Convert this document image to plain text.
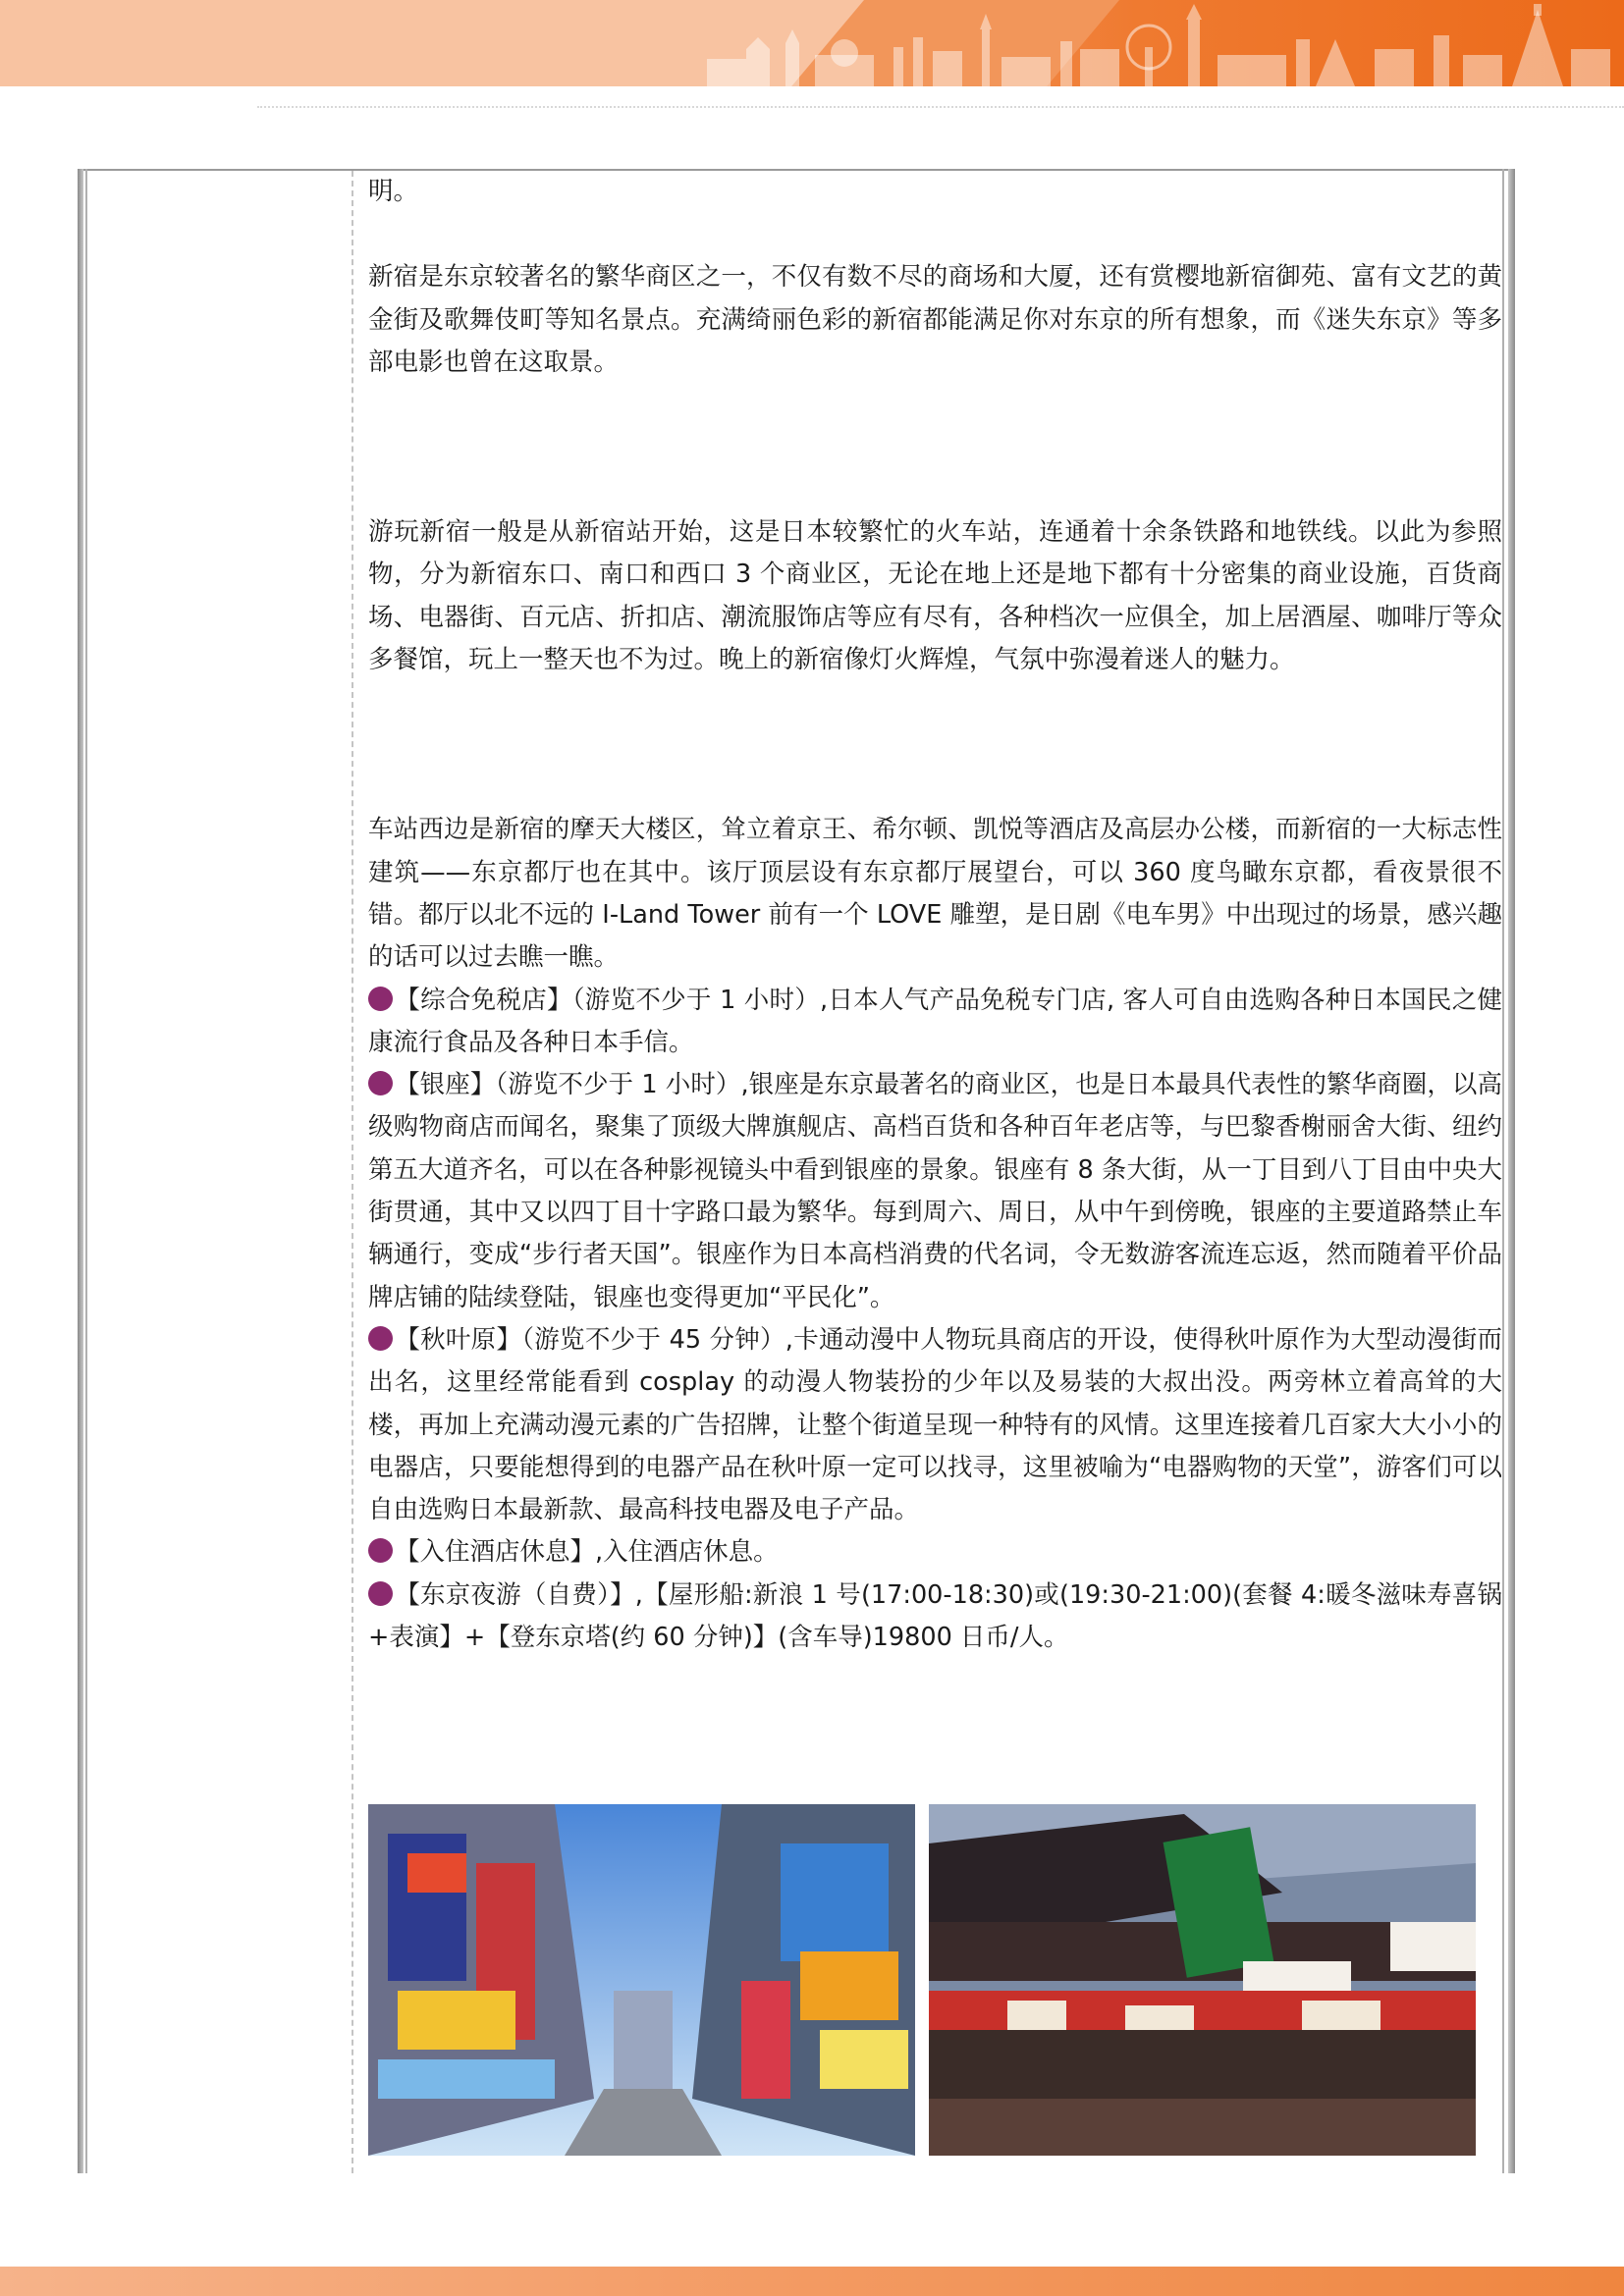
明。

新宿是东京较著名的繁华商区之一，不仅有数不尽的商场和大厦，还有赏樱地新宿御苑、富有文艺的黄金街及歌舞伎町等知名景点。充满绮丽色彩的新宿都能满足你对东京的所有想象，而《迷失东京》等多部电影也曾在这取景。

游玩新宿一般是从新宿站开始，这是日本较繁忙的火车站，连通着十余条铁路和地铁线。以此为参照物，分为新宿东口、南口和西口 3 个商业区，无论在地上还是地下都有十分密集的商业设施，百货商场、电器街、百元店、折扣店、潮流服饰店等应有尽有，各种档次一应俱全，加上居酒屋、咖啡厅等众多餐馆，玩上一整天也不为过。晚上的新宿像灯火辉煌，气氛中弥漫着迷人的魅力。

车站西边是新宿的摩天大楼区，耸立着京王、希尔顿、凯悦等酒店及高层办公楼，而新宿的一大标志性建筑——东京都厅也在其中。该厅顶层设有东京都厅展望台，可以 360 度鸟瞰东京都，看夜景很不错。都厅以北不远的 I-Land Tower 前有一个 LOVE 雕塑，是日剧《电车男》中出现过的场景，感兴趣的话可以过去瞧一瞧。

【综合免税店】（游览不少于 1 小时）,日本人气产品免税专门店, 客人可自由选购各种日本国民之健康流行食品及各种日本手信。

【银座】（游览不少于 1 小时）,银座是东京最著名的商业区，也是日本最具代表性的繁华商圈，以高级购物商店而闻名，聚集了顶级大牌旗舰店、高档百货和各种百年老店等，与巴黎香榭丽舍大街、纽约第五大道齐名，可以在各种影视镜头中看到银座的景象。银座有 8 条大街，从一丁目到八丁目由中央大街贯通，其中又以四丁目十字路口最为繁华。每到周六、周日，从中午到傍晚，银座的主要道路禁止车辆通行，变成“步行者天国”。银座作为日本高档消费的代名词，令无数游客流连忘返，然而随着平价品牌店铺的陆续登陆，银座也变得更加“平民化”。

【秋叶原】（游览不少于 45 分钟）,卡通动漫中人物玩具商店的开设，使得秋叶原作为大型动漫街而出名，这里经常能看到 cosplay 的动漫人物装扮的少年以及易装的大叔出没。两旁林立着高耸的大楼，再加上充满动漫元素的广告招牌，让整个街道呈现一种特有的风情。这里连接着几百家大大小小的电器店，只要能想得到的电器产品在秋叶原一定可以找寻，这里被喻为“电器购物的天堂”，游客们可以自由选购日本最新款、最高科技电器及电子产品。

【入住酒店休息】,入住酒店休息。

【东京夜游（自费）】,【屋形船:新浪 1 号(17:00-18:30)或(19:30-21:00)(套餐 4:暖冬滋味寿喜锅+表演】+【登东京塔(约 60 分钟)】(含车导)19800 日币/人。
